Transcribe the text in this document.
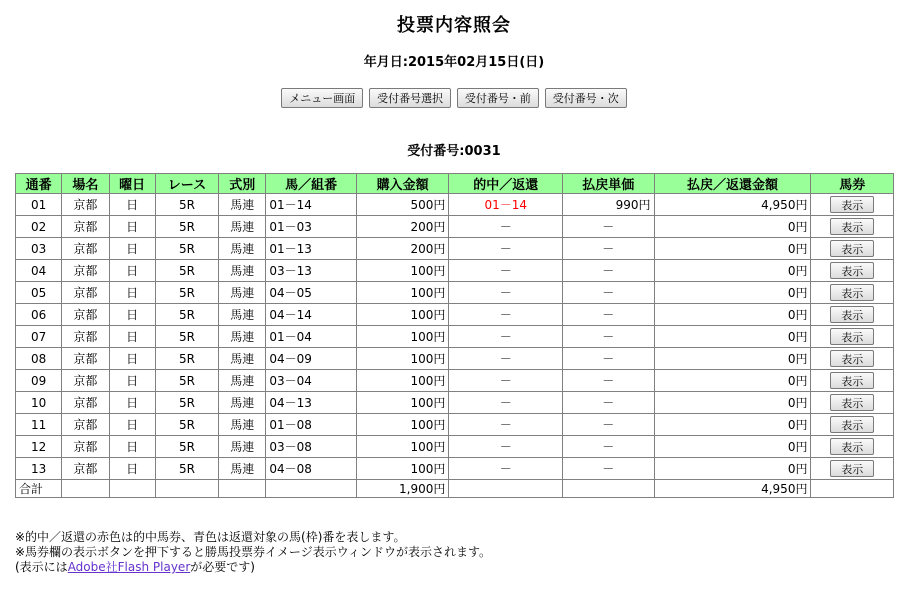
投票内容照会
年月日:2015年02月15日(日)
メニュー画面 受付番号選択 受付番号・前 受付番号・次
受付番号:0031
通番	場名	曜日	レース	式別	馬／組番	購入金額	的中／返還	払戻単価	払戻／返還金額	馬券
01	京都	日	5R	馬連	01－14	500円	01－14	990円	4,950円	表示
02	京都	日	5R	馬連	01－03	200円	－	－	0円	表示
03	京都	日	5R	馬連	01－13	200円	－	－	0円	表示
04	京都	日	5R	馬連	03－13	100円	－	－	0円	表示
05	京都	日	5R	馬連	04－05	100円	－	－	0円	表示
06	京都	日	5R	馬連	04－14	100円	－	－	0円	表示
07	京都	日	5R	馬連	01－04	100円	－	－	0円	表示
08	京都	日	5R	馬連	04－09	100円	－	－	0円	表示
09	京都	日	5R	馬連	03－04	100円	－	－	0円	表示
10	京都	日	5R	馬連	04－13	100円	－	－	0円	表示
11	京都	日	5R	馬連	01－08	100円	－	－	0円	表示
12	京都	日	5R	馬連	03－08	100円	－	－	0円	表示
13	京都	日	5R	馬連	04－08	100円	－	－	0円	表示
合計						1,900円			4,950円	
※的中／返還の赤色は的中馬券、青色は返還対象の馬(枠)番を表します。
※馬券欄の表示ボタンを押下すると勝馬投票券イメージ表示ウィンドウが表示されます。
(表示にはAdobe社Flash Playerが必要です)
